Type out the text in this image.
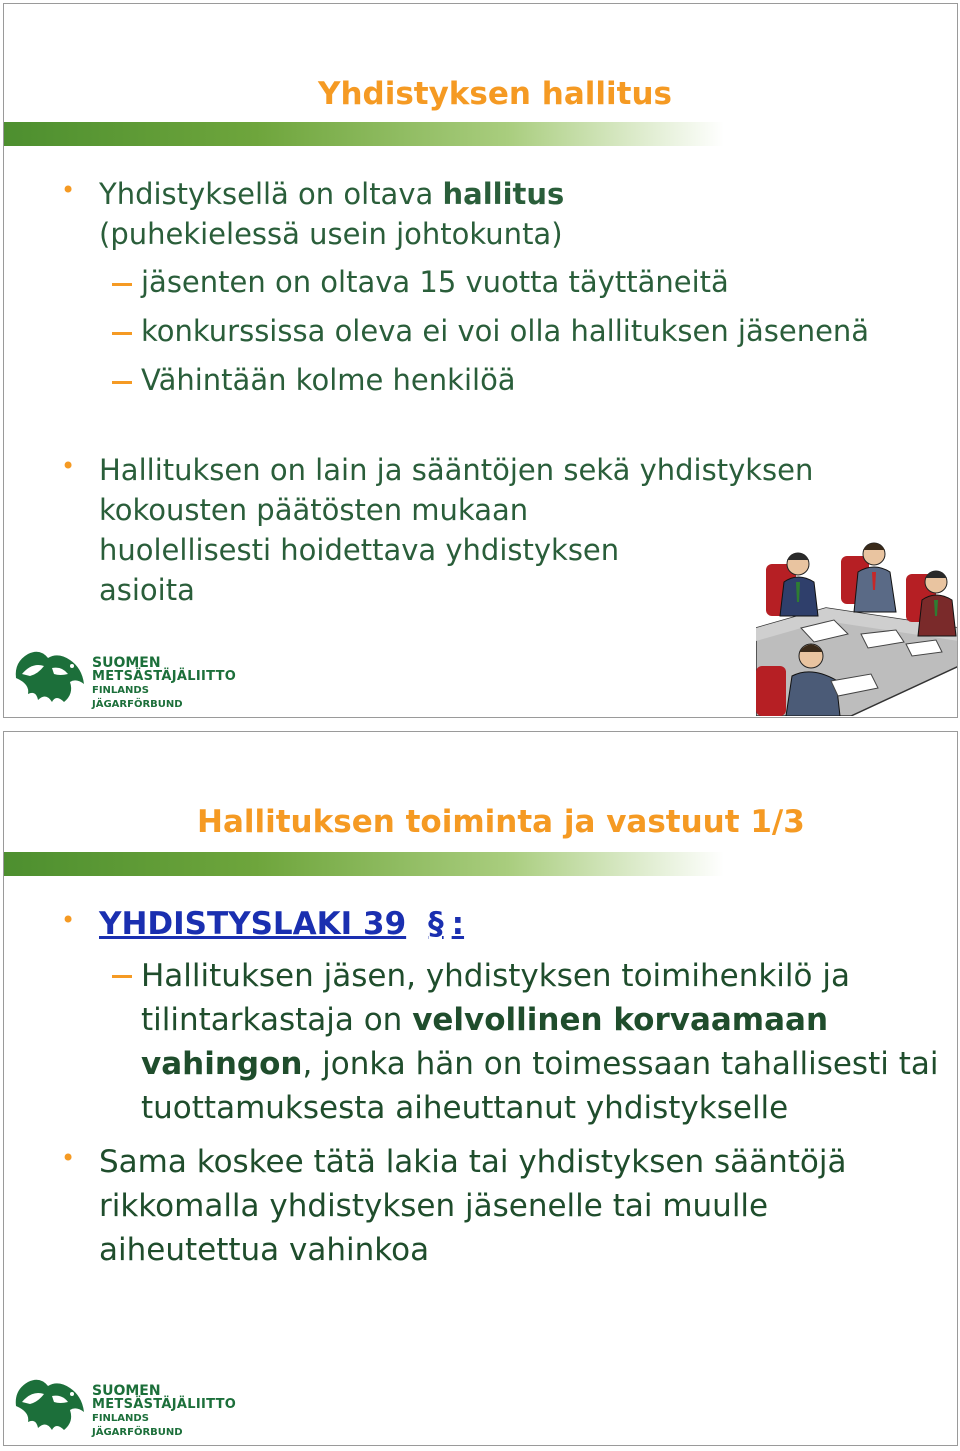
Yhdistyksen hallitus
• Yhdistyksellä on oltava hallitus
(puhekielessä usein johtokunta)
jäsenten on oltava 15 vuotta täyttäneitä
konkurssissa oleva ei voi olla hallituksen jäsenenä
Vähintään kolme henkilöä
• Hallituksen on lain ja sääntöjen sekä yhdistyksen
kokousten päätösten mukaan
huolellisesti hoidettava yhdistyksen
asioita
SUOMEN
METSÄSTÄJÄLIITTO
FINLANDS JÄGARFÖRBUND
Hallituksen toiminta ja vastuut 1/3
• YHDISTYSLAKI 39 § :
Hallituksen jäsen, yhdistyksen toimihenkilö ja
tilintarkastaja on velvollinen korvaamaan
vahingon, jonka hän on toimessaan tahallisesti tai
tuottamuksesta aiheuttanut yhdistykselle
• Sama koskee tätä lakia tai yhdistyksen sääntöjä
rikkomalla yhdistyksen jäsenelle tai muulle
aiheutettua vahinkoa
SUOMEN
METSÄSTÄJÄLIITTO
FINLANDS JÄGARFÖRBUND
